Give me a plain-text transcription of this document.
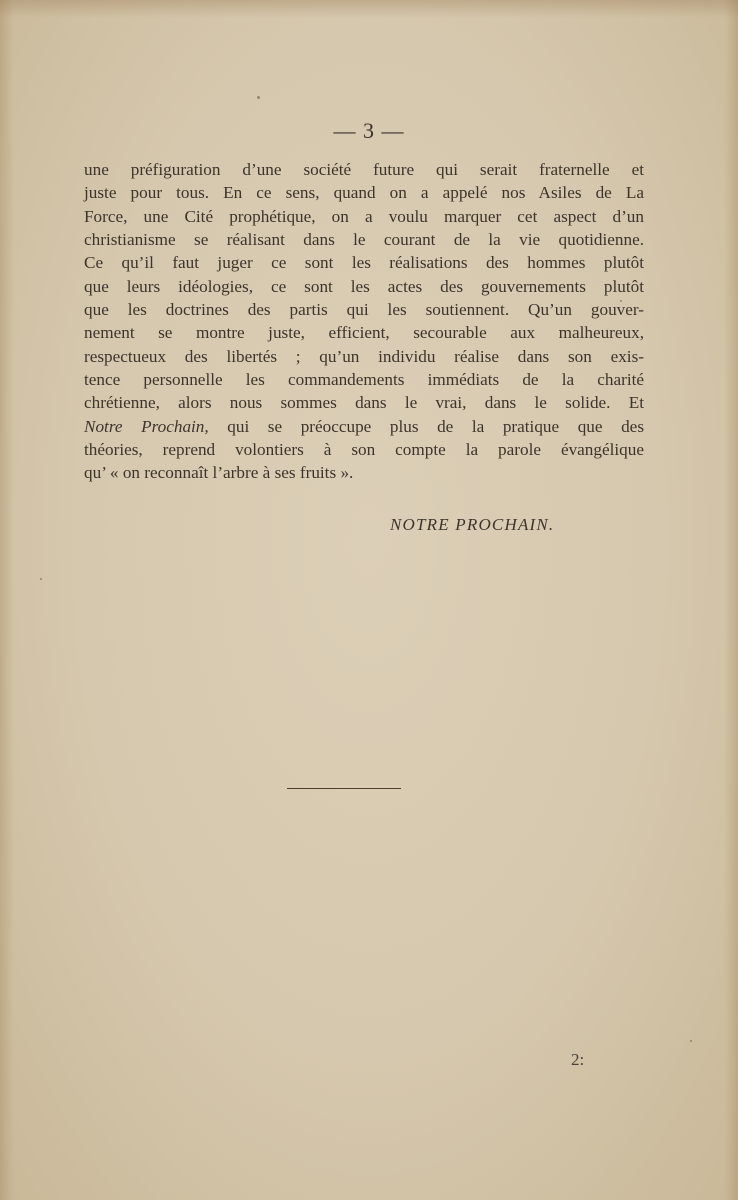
— 3 —
une préfiguration d’une société future qui serait fraternelle et
juste pour tous. En ce sens, quand on a appelé nos Asiles de La
Force, une Cité prophétique, on a voulu marquer cet aspect d’un
christianisme se réalisant dans le courant de la vie quotidienne.
Ce qu’il faut juger ce sont les réalisations des hommes plutôt
que leurs idéologies, ce sont les actes des gouvernements plutôt
que les doctrines des partis qui les soutiennent. Qu’un gouver-
nement se montre juste, efficient, secourable aux malheureux,
respectueux des libertés ; qu’un individu réalise dans son exis-
tence personnelle les commandements immédiats de la charité
chrétienne, alors nous sommes dans le vrai, dans le solide. Et
Notre Prochain, qui se préoccupe plus de la pratique que des
théories, reprend volontiers à son compte la parole évangélique
qu’ « on reconnaît l’arbre à ses fruits ».
NOTRE PROCHAIN.
2:
